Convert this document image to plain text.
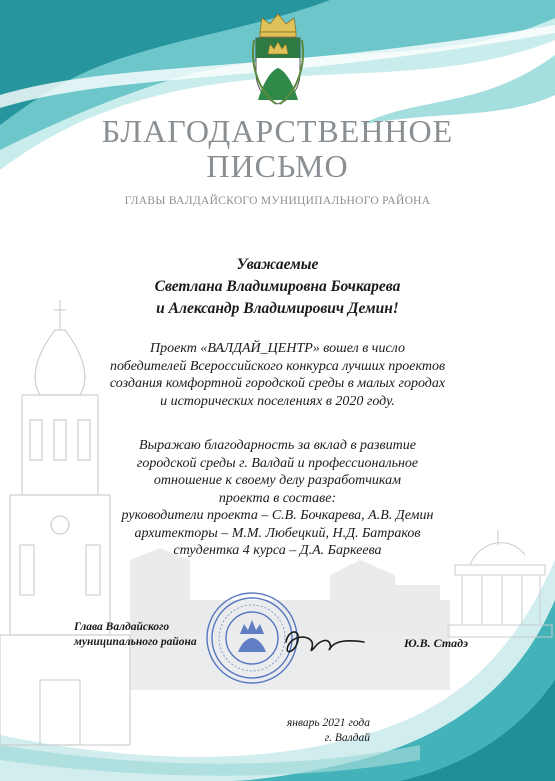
БЛАГОДАРСТВЕННОЕ
ПИСЬМО
ГЛАВЫ ВАЛДАЙСКОГО МУНИЦИПАЛЬНОГО РАЙОНА
Уважаемые
Светлана Владимировна Бочкарева
и Александр Владимирович Демин!
Проект «ВАЛДАЙ_ЦЕНТР» вошел в число
победителей Всероссийского конкурса лучших проектов
создания комфортной городской среды в малых городах
и исторических поселениях в 2020 году.
Выражаю благодарность за вклад в развитие
городской среды г. Валдай и профессиональное
отношение к своему делу разработчикам
проекта в составе:
руководители проекта – С.В. Бочкарева, А.В. Демин
архитекторы – М.М. Любецкий, Н.Д. Батраков
студентка 4 курса – Д.А. Баркеева
Глава Валдайского
муниципального района	Ю.В. Стадэ
январь 2021 года
г. Валдай
